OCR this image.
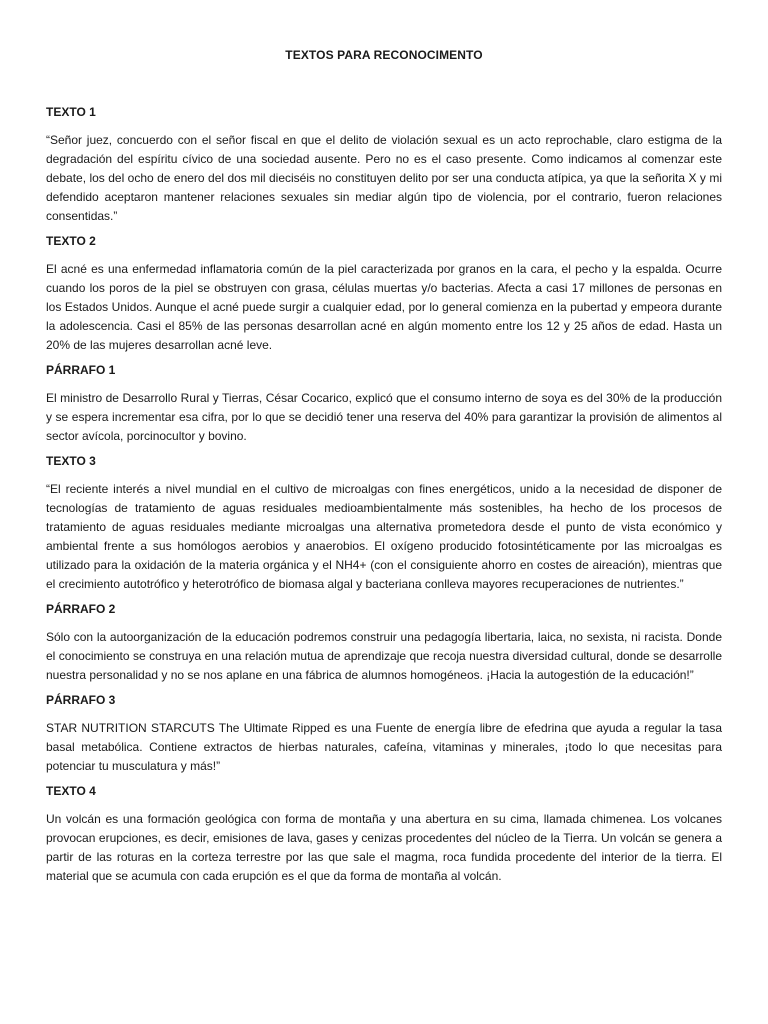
TEXTOS PARA RECONOCIMENTO
TEXTO 1

“Señor juez, concuerdo con el señor fiscal en que el delito de violación sexual es un acto reprochable, claro estigma de la degradación del espíritu cívico de una sociedad ausente. Pero no es el caso presente. Como indicamos al comenzar este debate, los del ocho de enero del dos mil dieciséis no constituyen delito por ser una conducta atípica, ya que la señorita X y mi defendido aceptaron mantener relaciones sexuales sin mediar algún tipo de violencia, por el contrario, fueron relaciones consentidas.”

TEXTO 2

El acné es una enfermedad inflamatoria común de la piel caracterizada por granos en la cara, el pecho y la espalda. Ocurre cuando los poros de la piel se obstruyen con grasa, células muertas y/o bacterias. Afecta a casi 17 millones de personas en los Estados Unidos. Aunque el acné puede surgir a cualquier edad, por lo general comienza en la pubertad y empeora durante la adolescencia. Casi el 85% de las personas desarrollan acné en algún momento entre los 12 y 25 años de edad. Hasta un 20% de las mujeres desarrollan acné leve.

PÁRRAFO 1

El ministro de Desarrollo Rural y Tierras, César Cocarico, explicó que el consumo interno de soya es del 30% de la producción y se espera incrementar esa cifra, por lo que se decidió tener una reserva del 40% para garantizar la provisión de alimentos al sector avícola, porcinocultor y bovino.

TEXTO 3

“El reciente interés a nivel mundial en el cultivo de microalgas con fines energéticos, unido a la necesidad de disponer de tecnologías de tratamiento de aguas residuales medioambientalmente más sostenibles, ha hecho de los procesos de tratamiento de aguas residuales mediante microalgas una alternativa prometedora desde el punto de vista económico y ambiental frente a sus homólogos aerobios y anaerobios. El oxígeno producido fotosintéticamente por las microalgas es utilizado para la oxidación de la materia orgánica y el NH4+ (con el consiguiente ahorro en costes de aireación), mientras que el crecimiento autotrófico y heterotrófico de biomasa algal y bacteriana conlleva mayores recuperaciones de nutrientes.”

PÁRRAFO 2

Sólo con la autoorganización de la educación podremos construir una pedagogía libertaria, laica, no sexista, ni racista. Donde el conocimiento se construya en una relación mutua de aprendizaje que recoja nuestra diversidad cultural, donde se desarrolle nuestra personalidad y no se nos aplane en una fábrica de alumnos homogéneos. ¡Hacia la autogestión de la educación!”

PÁRRAFO 3

STAR NUTRITION STARCUTS The Ultimate Ripped es una Fuente de energía libre de efedrina que ayuda a regular la tasa basal metabólica. Contiene extractos de hierbas naturales, cafeína, vitaminas y minerales, ¡todo lo que necesitas para potenciar tu musculatura y más!”

TEXTO 4

Un volcán es una formación geológica con forma de montaña y una abertura en su cima, llamada chimenea. Los volcanes provocan erupciones, es decir, emisiones de lava, gases y cenizas procedentes del núcleo de la Tierra. Un volcán se genera a partir de las roturas en la corteza terrestre por las que sale el magma, roca fundida procedente del interior de la tierra. El material que se acumula con cada erupción es el que da forma de montaña al volcán.
